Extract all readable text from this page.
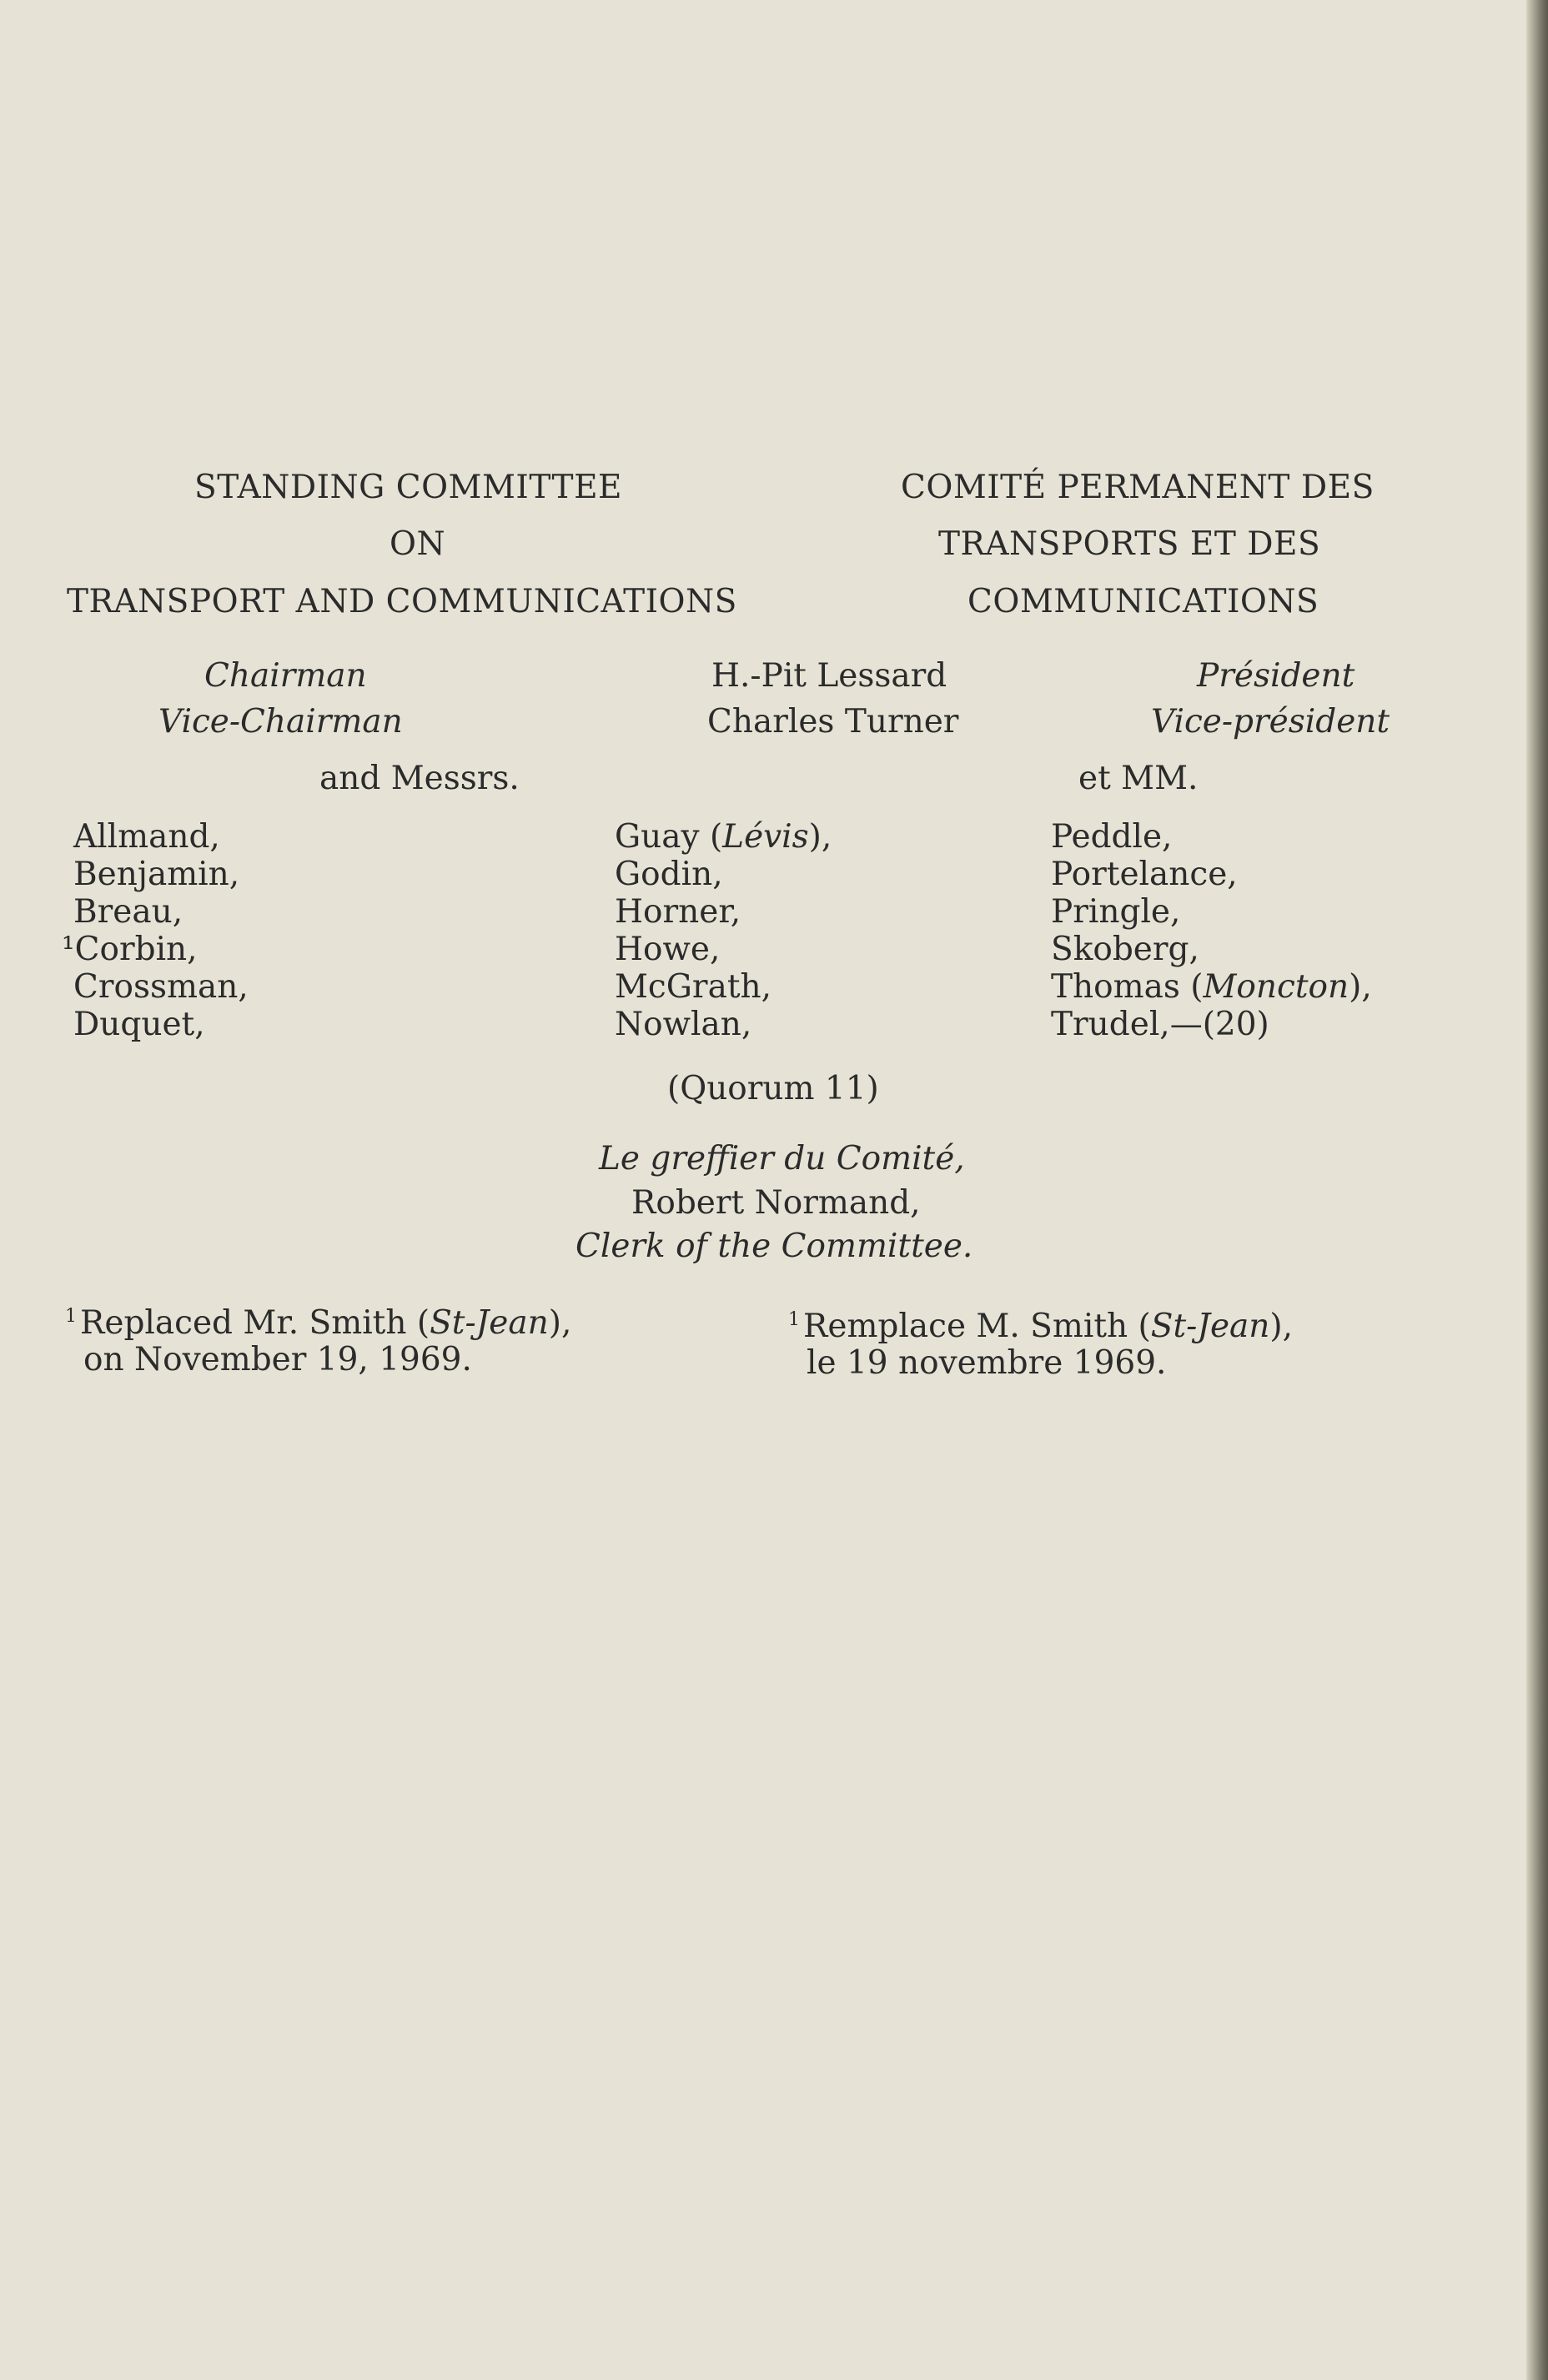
STANDING COMMITTEE
ON
TRANSPORT AND COMMUNICATIONS
COMITÉ PERMANENT DES
TRANSPORTS ET DES
COMMUNICATIONS
Chairman
Vice-Chairman
H.-Pit Lessard
Charles Turner
Président
Vice-président
and Messrs.	et MM.
Allmand,
Benjamin,
Breau,
¹Corbin,
Crossman,
Duquet,
Guay (Lévis),
Godin,
Horner,
Howe,
McGrath,
Nowlan,
Peddle,
Portelance,
Pringle,
Skoberg,
Thomas (Moncton),
Trudel,—(20)
(Quorum 11)
Le greffier du Comité,
Robert Normand,
Clerk of the Committee.
$^1$ Replaced Mr. Smith (St-Jean),
on November 19, 1969.
$^1$ Remplace M. Smith (St-Jean),
le 19 novembre 1969.
